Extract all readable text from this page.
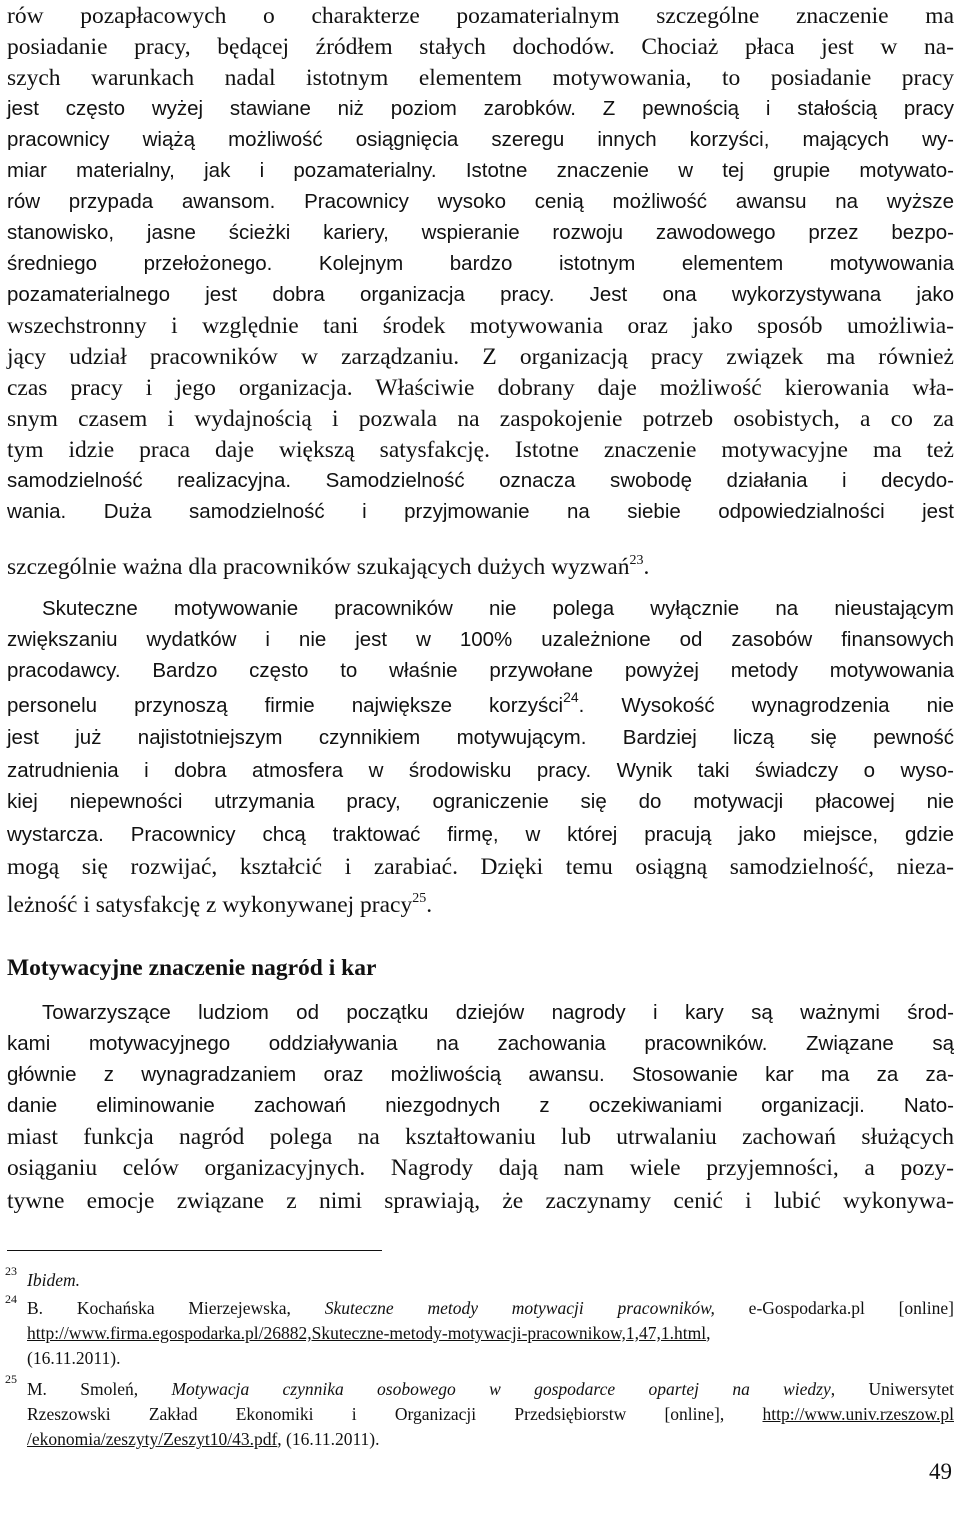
rów pozapłacowych o charakterze pozamaterialnym szczególne znaczenie ma
posiadanie pracy, będącej źródłem stałych dochodów. Chociaż płaca jest w na-
szych warunkach nadal istotnym elementem motywowania, to posiadanie pracy
jest często wyżej stawiane niż poziom zarobków. Z pewnością i stałością pracy
pracownicy wiążą możliwość osiągnięcia szeregu innych korzyści, mających wy-
miar materialny, jak i pozamaterialny. Istotne znaczenie w tej grupie motywato-
rów przypada awansom. Pracownicy wysoko cenią możliwość awansu na wyższe
stanowisko, jasne ścieżki kariery, wspieranie rozwoju zawodowego przez bezpo-
średniego przełożonego. Kolejnym bardzo istotnym elementem motywowania
pozamaterialnego jest dobra organizacja pracy. Jest ona wykorzystywana jako
wszechstronny i względnie tani środek motywowania oraz jako sposób umożliwia-
jący udział pracowników w zarządzaniu. Z organizacją pracy związek ma również
czas pracy i jego organizacja. Właściwie dobrany daje możliwość kierowania wła-
snym czasem i wydajnością i pozwala na zaspokojenie potrzeb osobistych, a co za
tym idzie praca daje większą satysfakcję. Istotne znaczenie motywacyjne ma też
samodzielność realizacyjna. Samodzielność oznacza swobodę działania i decydo-
wania. Duża samodzielność i przyjmowanie na siebie odpowiedzialności jest
szczególnie ważna dla pracowników szukających dużych wyzwań$^{23}$.
Skuteczne motywowanie pracowników nie polega wyłącznie na nieustającym
zwiększaniu wydatków i nie jest w 100% uzależnione od zasobów finansowych
pracodawcy. Bardzo często to właśnie przywołane powyżej metody motywowania
personelu przynoszą firmie największe korzyści$^{24}$. Wysokość wynagrodzenia nie
jest już najistotniejszym czynnikiem motywującym. Bardziej liczą się pewność
zatrudnienia i dobra atmosfera w środowisku pracy. Wynik taki świadczy o wyso-
kiej niepewności utrzymania pracy, ograniczenie się do motywacji płacowej nie
wystarcza. Pracownicy chcą traktować firmę, w której pracują jako miejsce, gdzie
mogą się rozwijać, kształcić i zarabiać. Dzięki temu osiągną samodzielność, nieza-
leżność i satysfakcję z wykonywanej pracy$^{25}$.
Motywacyjne znaczenie nagród i kar
Towarzyszące ludziom od początku dziejów nagrody i kary są ważnymi środ-
kami motywacyjnego oddziaływania na zachowania pracowników. Związane są
głównie z wynagradzaniem oraz możliwością awansu. Stosowanie kar ma za za-
danie eliminowanie zachowań niezgodnych z oczekiwaniami organizacji. Nato-
miast funkcja nagród polega na kształtowaniu lub utrwalaniu zachowań służących
osiąganiu celów organizacyjnych. Nagrody dają nam wiele przyjemności, a pozy-
tywne emocje związane z nimi sprawiają, że zaczynamy cenić i lubić wykonywa-
23 Ibidem.
24 B. Kochańska Mierzejewska, Skuteczne metody motywacji pracowników, e-Gospodarka.pl [online]
http://www.firma.egospodarka.pl/26882,Skuteczne-metody-motywacji-pracownikow,1,47,1.html,
(16.11.2011).
25 M. Smoleń, Motywacja czynnika osobowego w gospodarce opartej na wiedzy, Uniwersytet
Rzeszowski Zakład Ekonomiki i Organizacji Przedsiębiorstw [online], http://www.univ.rzeszow.pl
/ekonomia/zeszyty/Zeszyt10/43.pdf, (16.11.2011).
49
